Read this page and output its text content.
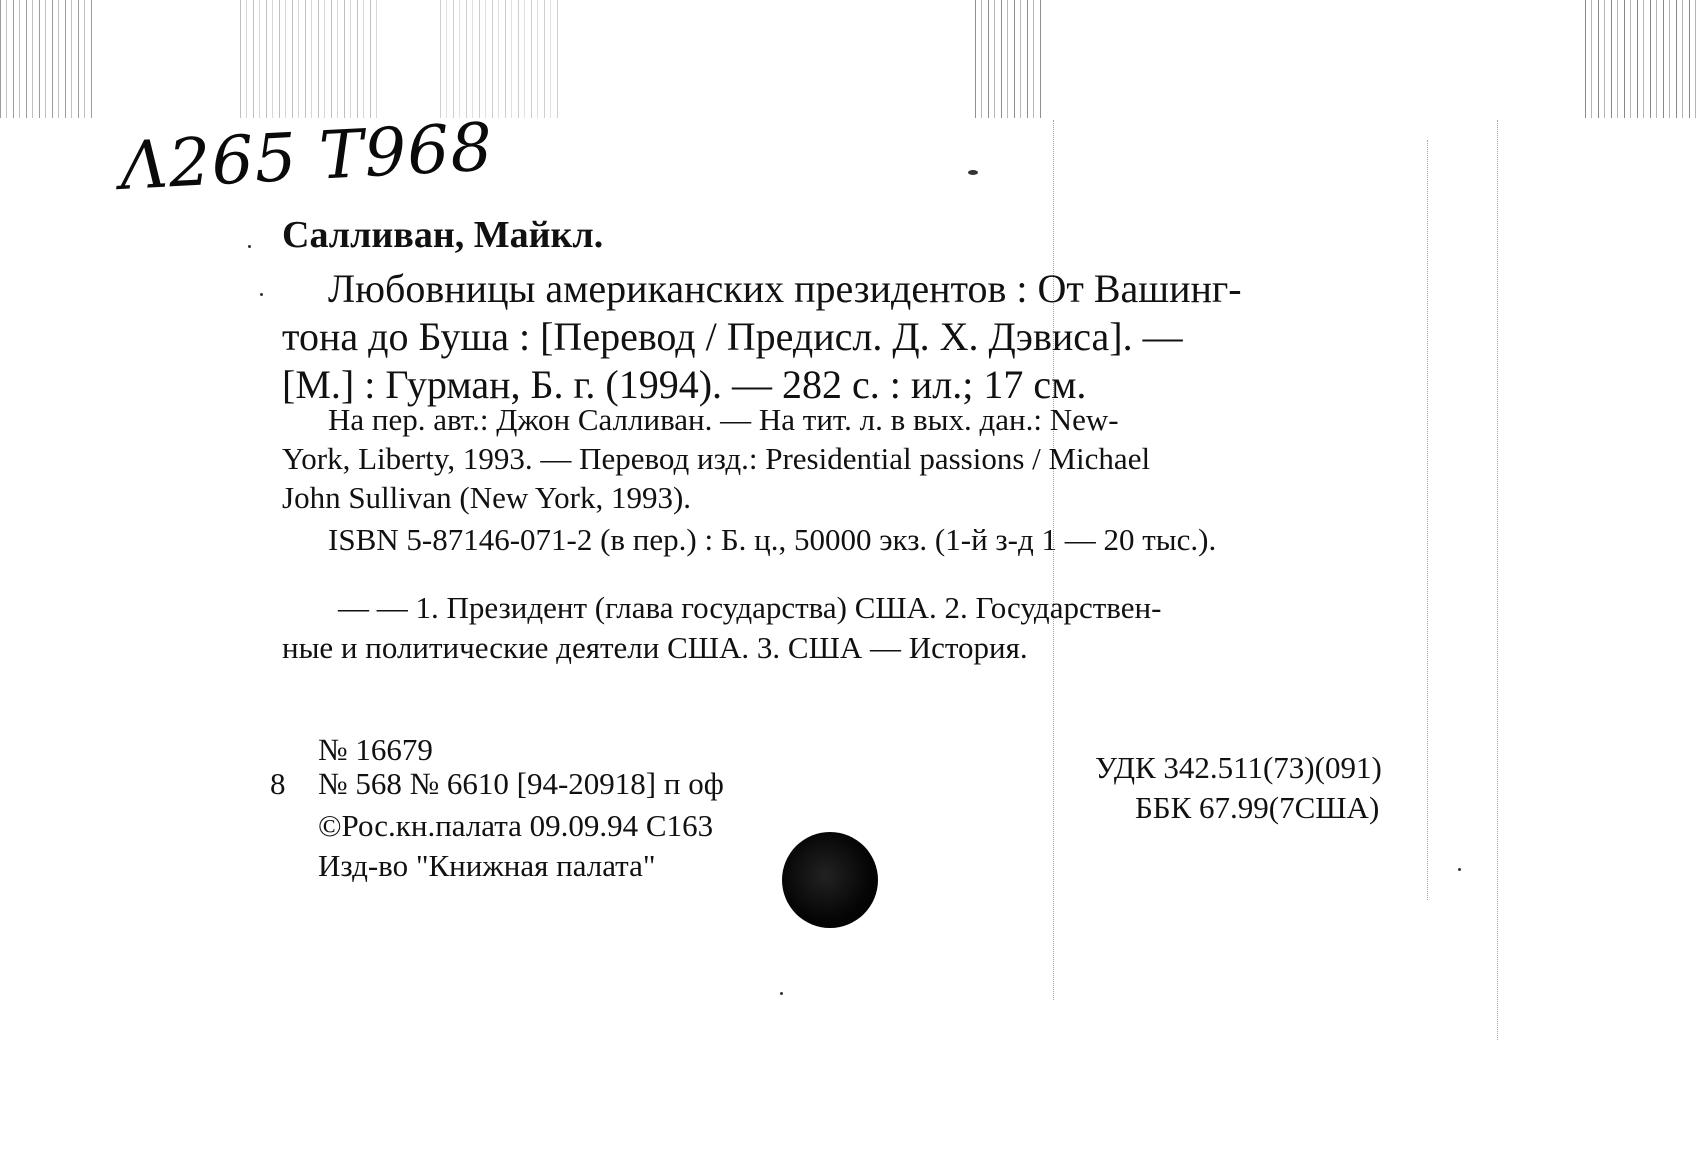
Λ265 Т968
Салливан, Майкл.
Любовницы американских президентов : От Вашинг-
тона до Буша : [Перевод / Предисл. Д. Х. Дэвиса]. —
[М.] : Гурман, Б. г. (1994). — 282 с. : ил.; 17 см.
На пер. авт.: Джон Салливан. — На тит. л. в вых. дан.: New-
York, Liberty, 1993. — Перевод изд.: Presidential passions / Michael
John Sullivan (New York, 1993).
ISBN 5-87146-071-2 (в пер.) : Б. ц., 50000 экз. (1-й з-д 1 — 20 тыс.).
— — 1. Президент (глава государства) США. 2. Государствен-
ные и политические деятели США. 3. США — История.
№ 16679
8 № 568 № 6610 [94-20918] п оф
©Рос.кн.палата 09.09.94 С163
Изд-во "Книжная палата"
УДК 342.511(73)(091)
ББК 67.99(7США)
